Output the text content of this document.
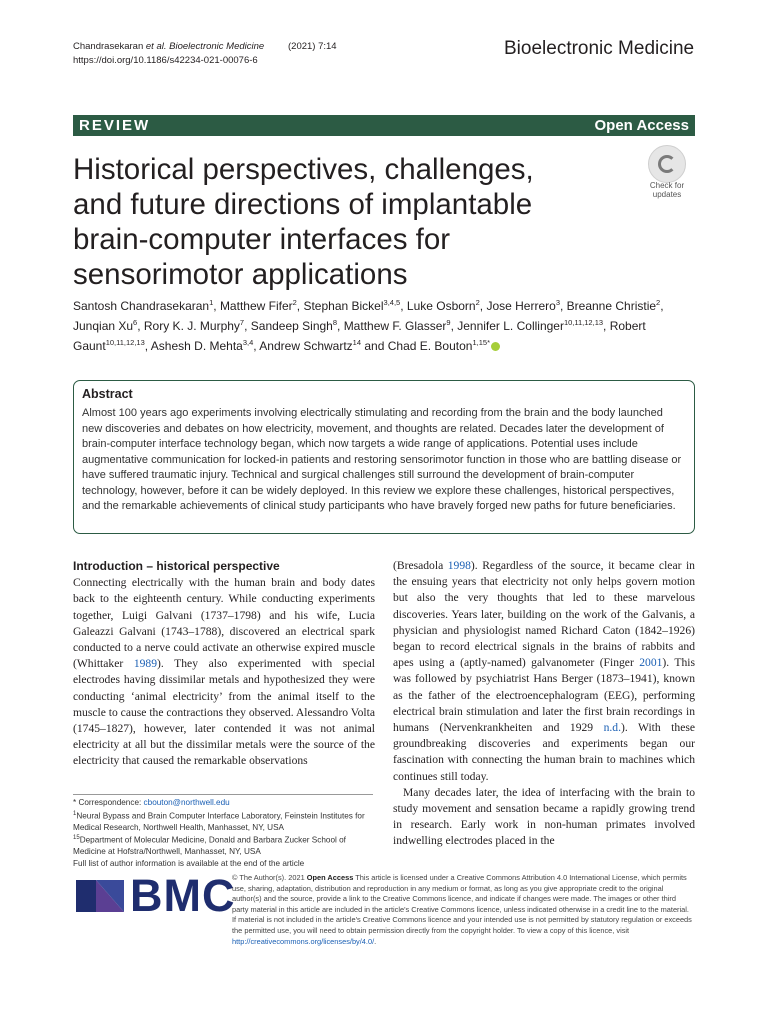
Chandrasekaran et al. Bioelectronic Medicine
https://doi.org/10.1186/s42234-021-00076-6
(2021) 7:14	Bioelectronic Medicine
REVIEW	Open Access
Historical perspectives, challenges, and future directions of implantable brain-computer interfaces for sensorimotor applications
Check for
updates
Santosh Chandrasekaran$^1$, Matthew Fifer$^2$, Stephan Bickel$^{3,4,5}$, Luke Osborn$^2$, Jose Herrero$^3$, Breanne Christie$^2$, Junqian Xu$^6$, Rory K. J. Murphy$^7$, Sandeep Singh$^8$, Matthew F. Glasser$^9$, Jennifer L. Collinger$^{10,11,12,13}$, Robert Gaunt$^{10,11,12,13}$, Ashesh D. Mehta$^{3,4}$, Andrew Schwartz$^{14}$ and Chad E. Bouton$^{1,15*}$
Abstract
Almost 100 years ago experiments involving electrically stimulating and recording from the brain and the body launched new discoveries and debates on how electricity, movement, and thoughts are related. Decades later the development of brain-computer interface technology began, which now targets a wide range of applications. Potential uses include augmentative communication for locked-in patients and restoring sensorimotor function in those who are battling disease or have suffered traumatic injury. Technical and surgical challenges still surround the development of brain-computer technology, however, before it can be widely deployed. In this review we explore these challenges, historical perspectives, and the remarkable achievements of clinical study participants who have bravely forged new paths for future beneficiaries.
Introduction – historical perspective

Connecting electrically with the human brain and body dates back to the eighteenth century. While conducting experiments together, Luigi Galvani (1737–1798) and his wife, Lucia Galeazzi Galvani (1743–1788), discovered an electrical spark conducted to a nerve could activate an otherwise expired muscle (Whittaker 1989). They also experimented with special electrodes having dissimilar metals and hypothesized they were conducting ‘animal electricity’ from the animal itself to the muscle to cause the contractions they observed. Alessandro Volta (1745–1827), however, later contended it was not animal electricity at all but the dissimilar metals were the source of the electricity that caused the remarkable observations

(Bresadola 1998). Regardless of the source, it became clear in the ensuing years that electricity not only helps govern motion but also the very thoughts that led to these marvelous discoveries. Years later, building on the work of the Galvanis, a physician and physiologist named Richard Caton (1842–1926) began to record electrical signals in the brains of rabbits and apes using a (aptly-named) galvanometer (Finger 2001). This was followed by psychiatrist Hans Berger (1873–1941), known as the father of the electroencephalogram (EEG), performing electrical brain stimulation and later the first brain recordings in humans (Nervenkrankheiten and 1929 n.d.). With these groundbreaking discoveries and experiments began our fascination with connecting the human brain to machines which continues still today.

Many decades later, the idea of interfacing with the brain to study movement and sensation became a rapidly growing trend in research. Early work in non-human primates involved indwelling electrodes placed in the

* Correspondence: cbouton@northwell.edu
$^1$Neural Bypass and Brain Computer Interface Laboratory, Feinstein Institutes for Medical Research, Northwell Health, Manhasset, NY, USA
$^{15}$Department of Molecular Medicine, Donald and Barbara Zucker School of Medicine at Hofstra/Northwell, Manhasset, NY, USA
Full list of author information is available at the end of the article
BMC
© The Author(s). 2021 Open Access This article is licensed under a Creative Commons Attribution 4.0 International License, which permits use, sharing, adaptation, distribution and reproduction in any medium or format, as long as you give appropriate credit to the original author(s) and the source, provide a link to the Creative Commons licence, and indicate if changes were made. The images or other third party material in this article are included in the article's Creative Commons licence, unless indicated otherwise in a credit line to the material. If material is not included in the article's Creative Commons licence and your intended use is not permitted by statutory regulation or exceeds the permitted use, you will need to obtain permission directly from the copyright holder. To view a copy of this licence, visit http://creativecommons.org/licenses/by/4.0/.
